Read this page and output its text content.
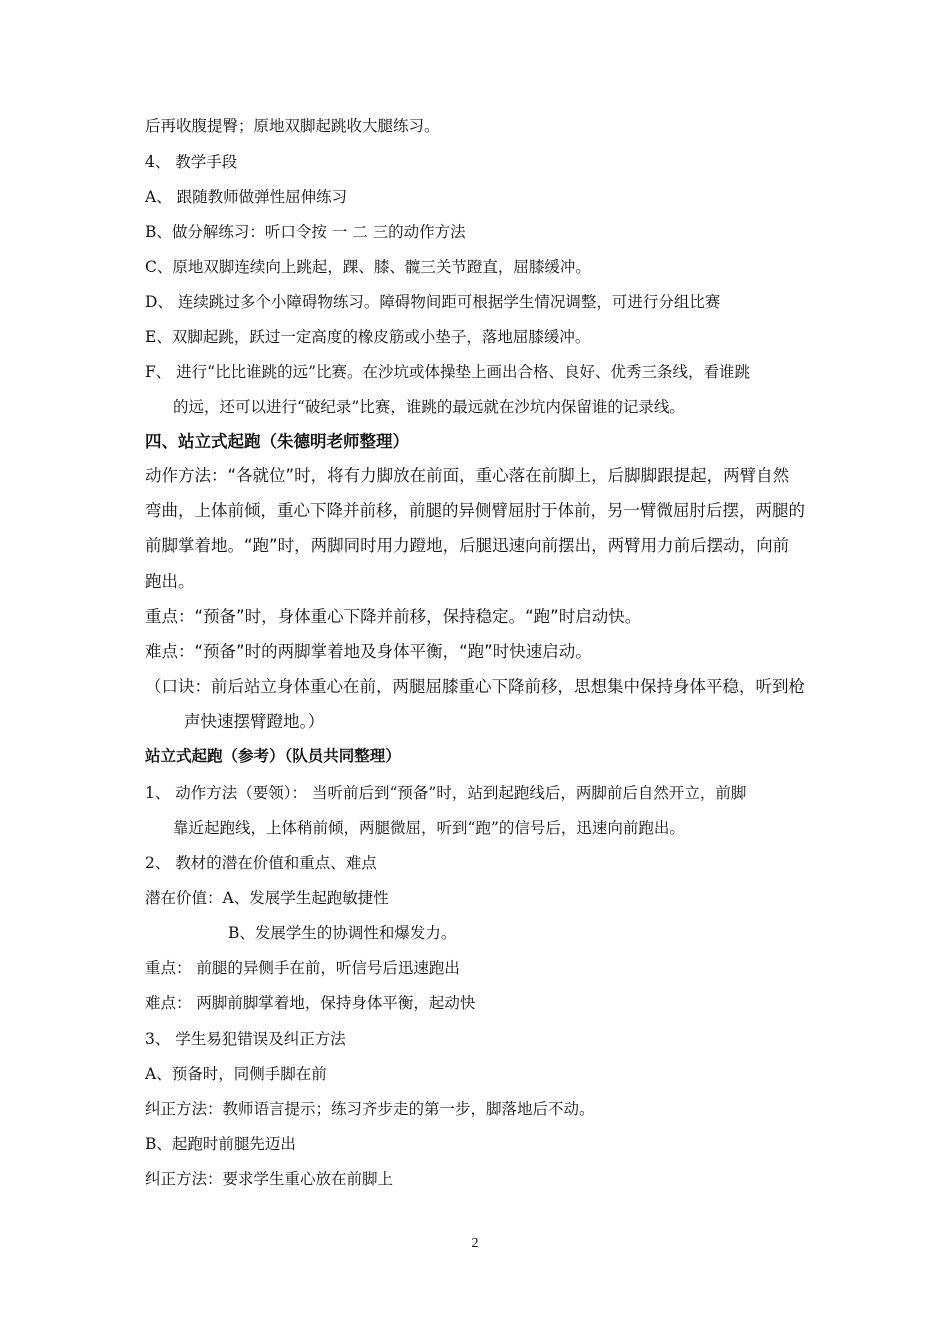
后再收腹提臀；原地双脚起跳收大腿练习。
4、 教学手段
A、 跟随教师做弹性屈伸练习
B、做分解练习：听口令按 一 二 三的动作方法
C、原地双脚连续向上跳起，踝、膝、髋三关节蹬直，屈膝缓冲。
D、 连续跳过多个小障碍物练习。障碍物间距可根据学生情况调整，可进行分组比赛
E、双脚起跳，跃过一定高度的橡皮筋或小垫子，落地屈膝缓冲。
F、 进行“比比谁跳的远”比赛。在沙坑或体操垫上画出合格、良好、优秀三条线，看谁跳
的远，还可以进行“破纪录”比赛，谁跳的最远就在沙坑内保留谁的记录线。
四、站立式起跑（朱德明老师整理）
动作方法：“各就位”时，将有力脚放在前面，重心落在前脚上，后脚脚跟提起，两臂自然
弯曲，上体前倾，重心下降并前移，前腿的异侧臂屈肘于体前，另一臂微屈肘后摆，两腿的
前脚掌着地。“跑”时，两脚同时用力蹬地，后腿迅速向前摆出，两臂用力前后摆动，向前
跑出。
重点：“预备”时，身体重心下降并前移，保持稳定。“跑”时启动快。
难点：“预备”时的两脚掌着地及身体平衡，“跑”时快速启动。
（口诀：前后站立身体重心在前，两腿屈膝重心下降前移，思想集中保持身体平稳，听到枪
声快速摆臂蹬地。）
站立式起跑（参考）（队员共同整理）
1、 动作方法（要领）： 当听前后到“预备”时，站到起跑线后，两脚前后自然开立，前脚
靠近起跑线，上体稍前倾，两腿微屈，听到“跑”的信号后，迅速向前跑出。
2、 教材的潜在价值和重点、难点
潜在价值：A、发展学生起跑敏捷性
B、发展学生的协调性和爆发力。
重点： 前腿的异侧手在前，听信号后迅速跑出
难点： 两脚前脚掌着地，保持身体平衡，起动快
3、 学生易犯错误及纠正方法
A、预备时，同侧手脚在前
纠正方法：教师语言提示；练习齐步走的第一步，脚落地后不动。
B、起跑时前腿先迈出
纠正方法：要求学生重心放在前脚上
2
